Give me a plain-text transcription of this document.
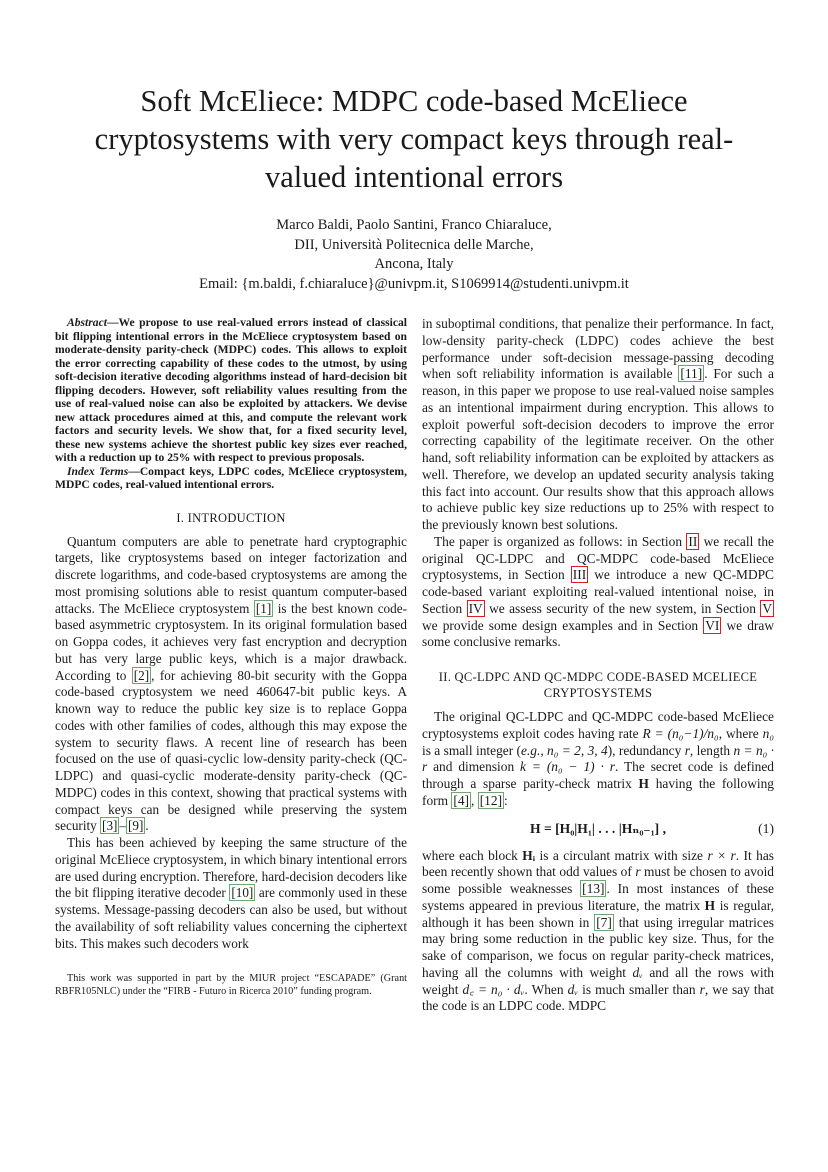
Soft McEliece: MDPC code-based McEliece cryptosystems with very compact keys through real-valued intentional errors
Marco Baldi, Paolo Santini, Franco Chiaraluce,
DII, Università Politecnica delle Marche,
Ancona, Italy
Email: {m.baldi, f.chiaraluce}@univpm.it, S1069914@studenti.univpm.it

Abstract—We propose to use real-valued errors instead of classical bit flipping intentional errors in the McEliece cryptosystem based on moderate-density parity-check (MDPC) codes. This allows to exploit the error correcting capability of these codes to the utmost, by using soft-decision iterative decoding algorithms instead of hard-decision bit flipping decoders. However, soft reliability values resulting from the use of real-valued noise can also be exploited by attackers. We devise new attack procedures aimed at this, and compute the relevant work factors and security levels. We show that, for a fixed security level, these new systems achieve the shortest public key sizes ever reached, with a reduction up to 25% with respect to previous proposals.

Index Terms—Compact keys, LDPC codes, McEliece cryptosystem, MDPC codes, real-valued intentional errors.

I. INTRODUCTION

Quantum computers are able to penetrate hard cryptographic targets, like cryptosystems based on integer factorization and discrete logarithms, and code-based cryptosystems are among the most promising solutions able to resist quantum computer-based attacks. The McEliece cryptosystem [1] is the best known code-based asymmetric cryptosystem. In its original formulation based on Goppa codes, it achieves very fast encryption and decryption but has very large public keys, which is a major drawback. According to [2] , for achieving 80-bit security with the Goppa code-based cryptosystem we need 460647-bit public keys. A known way to reduce the public key size is to replace Goppa codes with other families of codes, although this may expose the system to security flaws. A recent line of research has been focused on the use of quasi-cyclic low-density parity-check (QC-LDPC) and quasi-cyclic moderate-density parity-check (QC-MDPC) codes in this context, showing that practical systems with compact keys can be designed while preserving the system security [3] – [9] .

This has been achieved by keeping the same structure of the original McEliece cryptosystem, in which binary intentional errors are used during encryption. Therefore, hard-decision decoders like the bit flipping iterative decoder [10] are commonly used in these systems. Message-passing decoders can also be used, but without the availability of soft reliability values concerning the ciphertext bits. This makes such decoders work

This work was supported in part by the MIUR project “ESCAPADE” (Grant RBFR105NLC) under the “FIRB - Futuro in Ricerca 2010” funding program.

in suboptimal conditions, that penalize their performance. In fact, low-density parity-check (LDPC) codes achieve the best performance under soft-decision message-passing decoding when soft reliability information is available [11] . For such a reason, in this paper we propose to use real-valued noise samples as an intentional impairment during encryption. This allows to exploit powerful soft-decision decoders to improve the error correcting capability of the legitimate receiver. On the other hand, soft reliability information can be exploited by attackers as well. Therefore, we develop an updated security analysis taking this fact into account. Our results show that this approach allows to achieve public key size reductions up to 25% with respect to the previously known best solutions.

The paper is organized as follows: in Section II we recall the original QC-LDPC and QC-MDPC code-based McEliece cryptosystems, in Section III we introduce a new QC-MDPC code-based variant exploiting real-valued intentional noise, in Section IV we assess security of the new system, in Section V we provide some design examples and in Section VI we draw some conclusive remarks.

II. QC-LDPC AND QC-MDPC CODE-BASED MCELIECE
CRYPTOSYSTEMS

The original QC-LDPC and QC-MDPC code-based McEliece cryptosystems exploit codes having rate R = (n₀−1)/n₀, where n₀ is a small integer (e.g., n₀ = 2, 3, 4), redundancy r, length n = n₀ · r and dimension k = (n₀ − 1) · r. The secret code is defined through a sparse parity-check matrix H having the following form [4] , [12] :

H = [H₀|H₁| . . . |Hₙ₀₋₁] ,	(1)

where each block Hᵢ is a circulant matrix with size r × r. It has been recently shown that odd values of r must be chosen to avoid some possible weaknesses [13] . In most instances of these systems appeared in previous literature, the matrix H is regular, although it has been shown in [7] that using irregular matrices may bring some reduction in the public key size. Thus, for the sake of comparison, we focus on regular parity-check matrices, having all the columns with weight dᵥ and all the rows with weight d꜀ = n₀ · dᵥ. When dᵥ is much smaller than r, we say that the code is an LDPC code. MDPC
